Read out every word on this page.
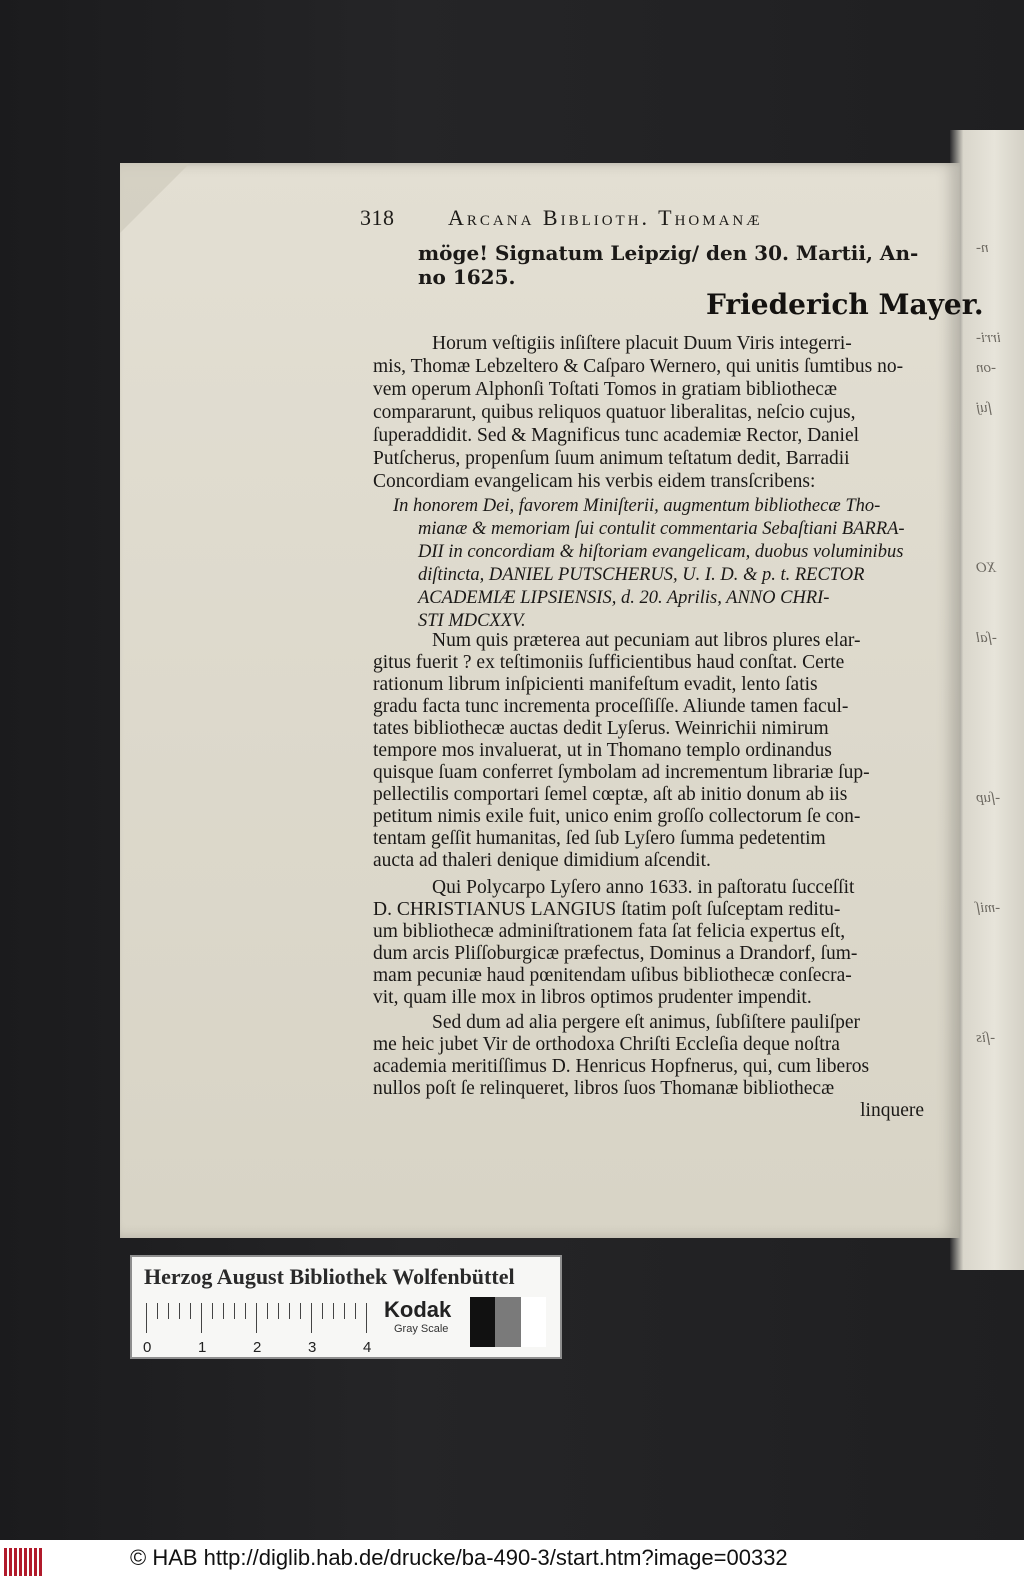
n-
irri-
-on
ſuj
XO
-ſal
-ſup
-miſ
-ſis
318 Arcana Biblioth. Thomanæ
möge! Signatum Leipzig/ den 30. Martii, An-
no 1625.
Friederich Mayer.
Horum veſtigiis inſiſtere placuit Duum Viris integerri-
mis, Thomæ Lebzeltero & Caſparo Wernero, qui unitis ſumtibus no-
vem operum Alphonſi Toſtati Tomos in gratiam bibliothecæ
compararunt, quibus reliquos quatuor liberalitas, neſcio cujus,
ſuperaddidit. Sed & Magnificus tunc academiæ Rector, Daniel
Putſcherus, propenſum ſuum animum teſtatum dedit, Barradii
Concordiam evangelicam his verbis eidem transſcribens:
In honorem Dei, favorem Miniſterii, augmentum bibliothecæ Tho-
mianæ & memoriam ſui contulit commentaria Sebaſtiani BARRA-
DII in concordiam & hiſtoriam evangelicam, duobus voluminibus
diſtincta, DANIEL PUTSCHERUS, U. I. D. & p. t. RECTOR
ACADEMIÆ LIPSIENSIS, d. 20. Aprilis, ANNO CHRI-
STI MDCXXV.
Num quis præterea aut pecuniam aut libros plures elar-
gitus fuerit ? ex teſtimoniis ſufficientibus haud conſtat. Certe
rationum librum inſpicienti manifeſtum evadit, lento ſatis
gradu facta tunc incrementa proceſſiſſe. Aliunde tamen facul-
tates bibliothecæ auctas dedit Lyſerus. Weinrichii nimirum
tempore mos invaluerat, ut in Thomano templo ordinandus
quisque ſuam conferret ſymbolam ad incrementum librariæ ſup-
pellectilis comportari ſemel cœptæ, aſt ab initio donum ab iis
petitum nimis exile fuit, unico enim groſſo collectorum ſe con-
tentam geſſit humanitas, ſed ſub Lyſero ſumma pedetentim
aucta ad thaleri denique dimidium aſcendit.
Qui Polycarpo Lyſero anno 1633. in paſtoratu ſucceſſit
D. CHRISTIANUS LANGIUS ſtatim poſt ſuſceptam reditu-
um bibliothecæ adminiſtrationem fata ſat felicia expertus eſt,
dum arcis Pliſſoburgicæ præfectus, Dominus a Drandorf, ſum-
mam pecuniæ haud pœnitendam uſibus bibliothecæ conſecra-
vit, quam ille mox in libros optimos prudenter impendit.
Sed dum ad alia pergere eſt animus, ſubſiſtere pauliſper
me heic jubet Vir de orthodoxa Chriſti Eccleſia deque noſtra
academia meritiſſimus D. Henricus Hopfnerus, qui, cum liberos
nullos poſt ſe relinqueret, libros ſuos Thomanæ bibliothecæ
linquere
Herzog August Bibliothek Wolfenbüttel
0	1	2	3	4
Kodak
Gray Scale
© HAB http://diglib.hab.de/drucke/ba-490-3/start.htm?image=00332
